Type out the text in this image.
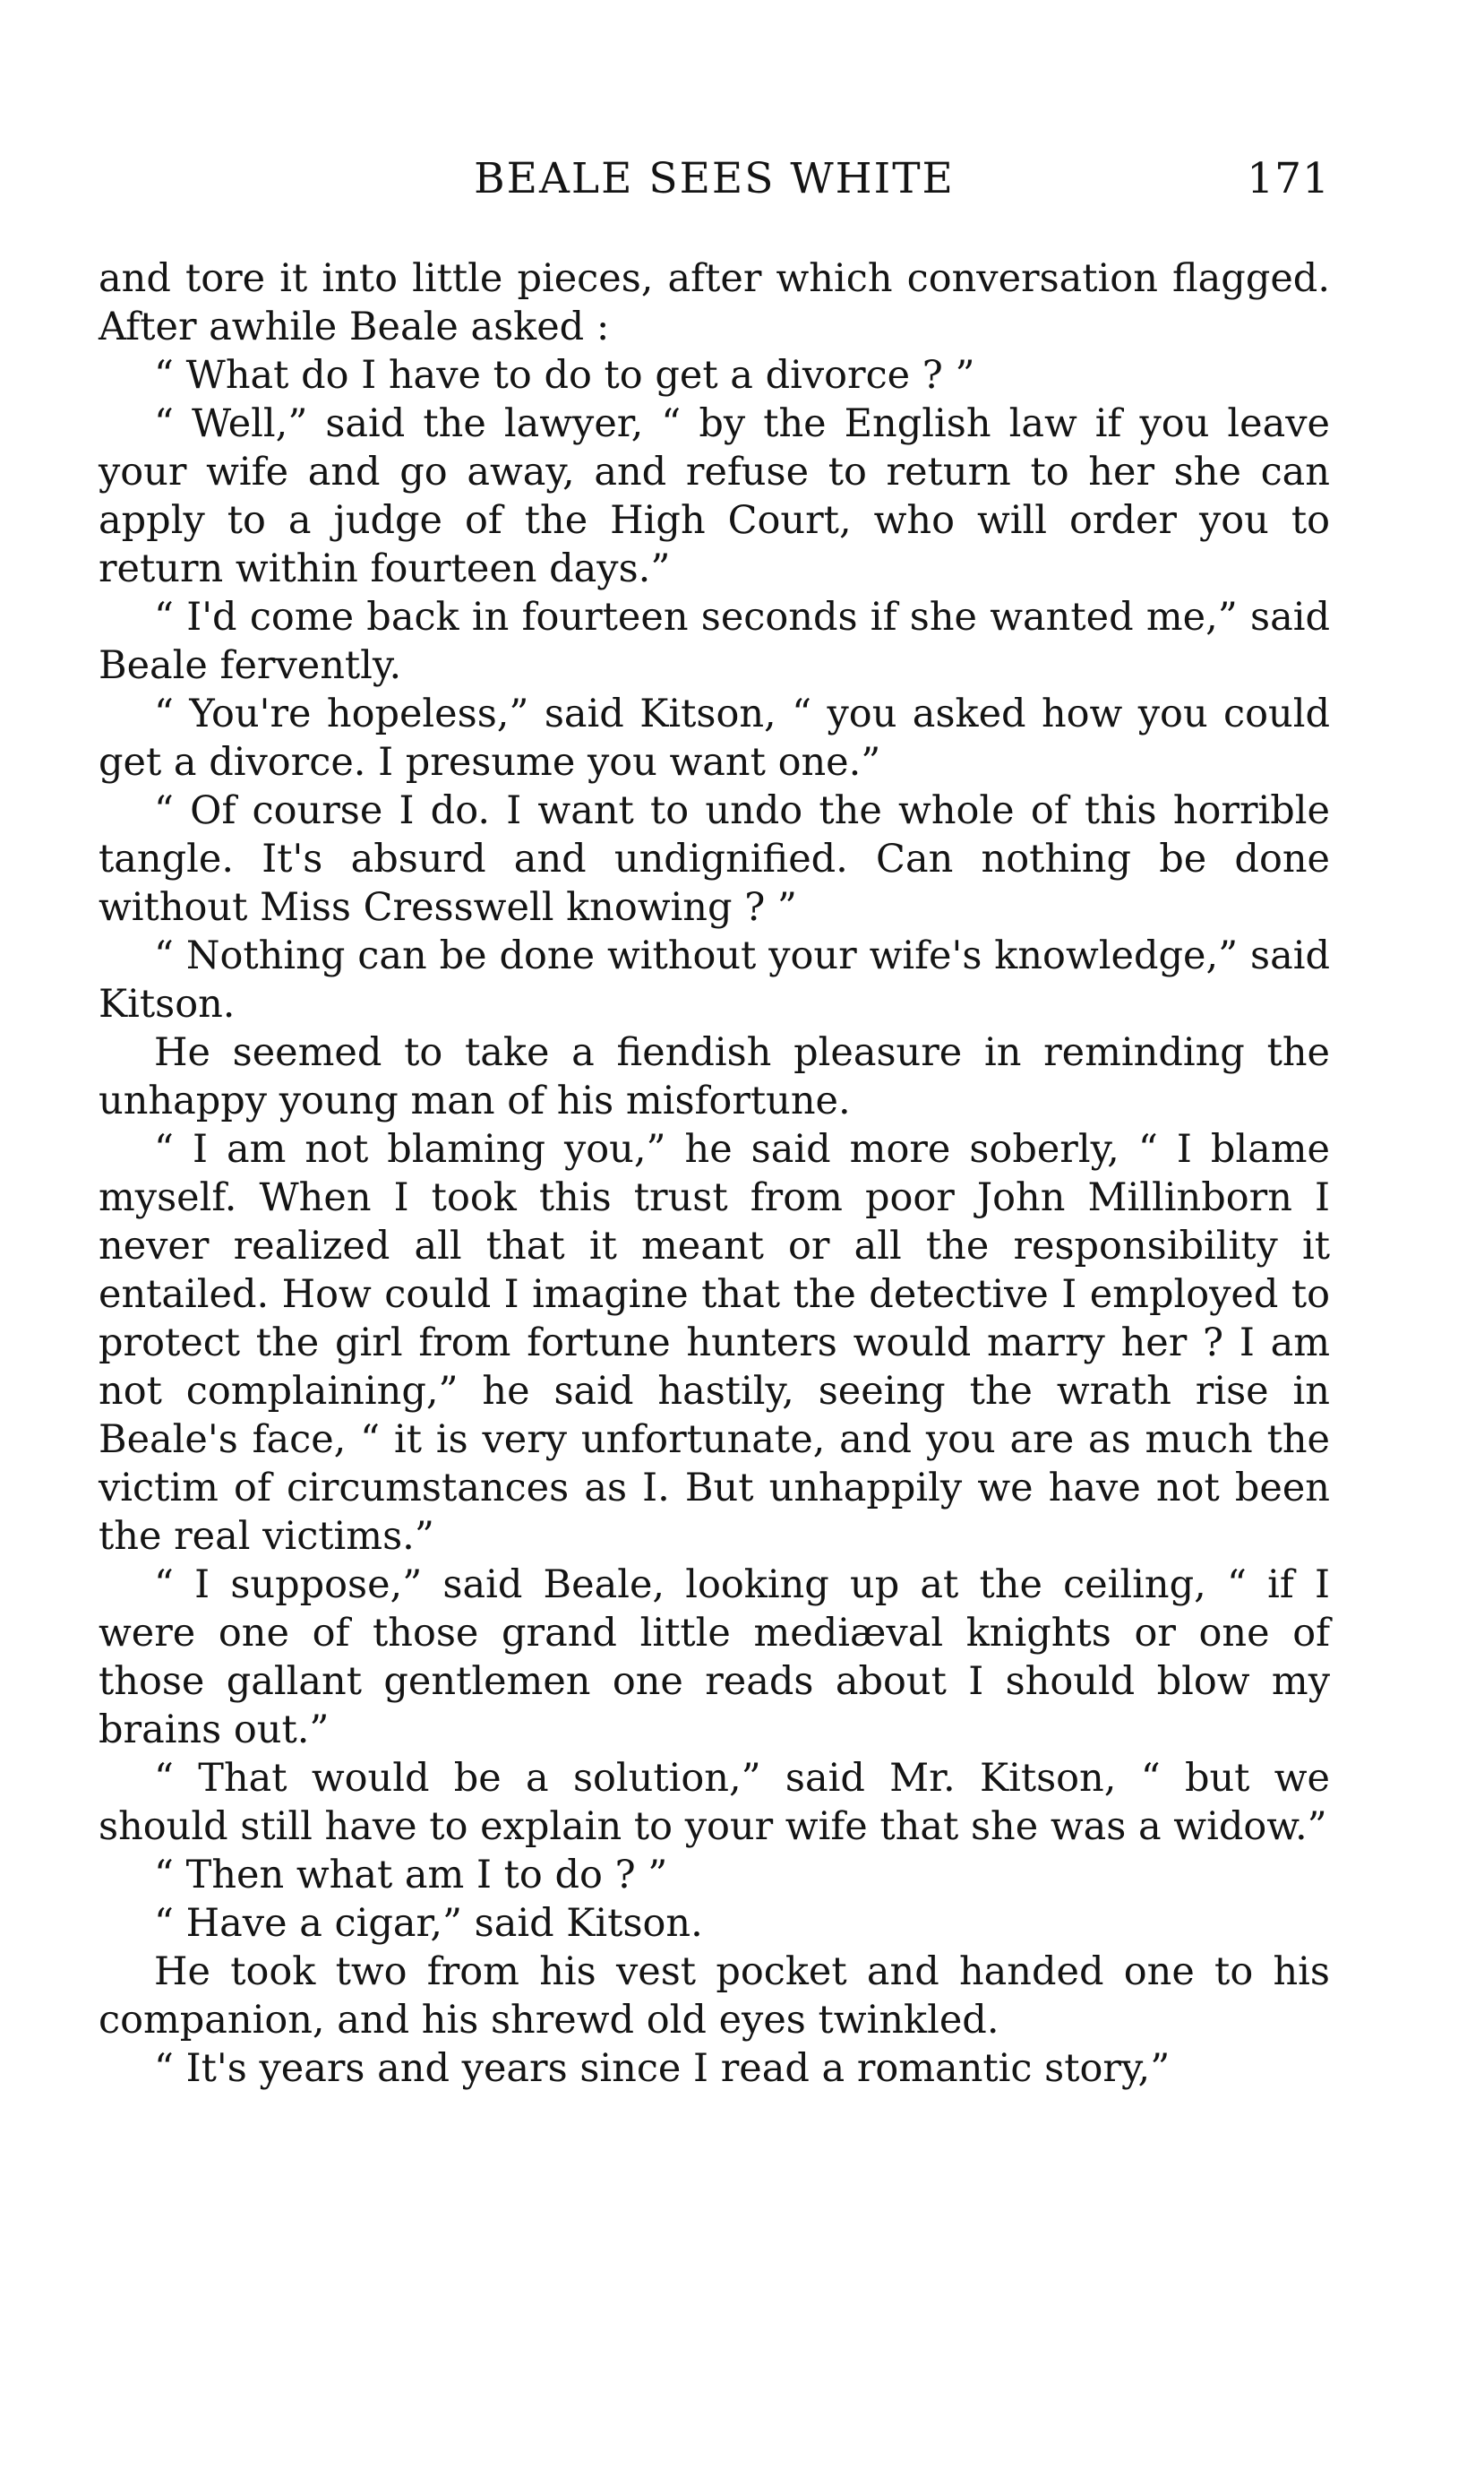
BEALE SEES WHITE	171

and tore it into little pieces, after which conversation flagged. After awhile Beale asked :

“ What do I have to do to get a divorce ? ”

“ Well,” said the lawyer, “ by the English law if you leave your wife and go away, and refuse to return to her she can apply to a judge of the High Court, who will order you to return within fourteen days.”

“ I'd come back in fourteen seconds if she wanted me,” said Beale fervently.

“ You're hopeless,” said Kitson, “ you asked how you could get a divorce. I presume you want one.”

“ Of course I do. I want to undo the whole of this horrible tangle. It's absurd and undignified. Can nothing be done without Miss Cresswell knowing ? ”

“ Nothing can be done without your wife's knowledge,” said Kitson.

He seemed to take a fiendish pleasure in reminding the unhappy young man of his misfortune.

“ I am not blaming you,” he said more soberly, “ I blame myself. When I took this trust from poor John Millinborn I never realized all that it meant or all the responsibility it entailed. How could I imagine that the detective I employed to protect the girl from fortune hunters would marry her ? I am not complaining,” he said hastily, seeing the wrath rise in Beale's face, “ it is very unfortunate, and you are as much the victim of circumstances as I. But unhappily we have not been the real victims.”

“ I suppose,” said Beale, looking up at the ceiling, “ if I were one of those grand little mediæval knights or one of those gallant gentlemen one reads about I should blow my brains out.”

“ That would be a solution,” said Mr. Kitson, “ but we should still have to explain to your wife that she was a widow.”

“ Then what am I to do ? ”

“ Have a cigar,” said Kitson.

He took two from his vest pocket and handed one to his companion, and his shrewd old eyes twinkled.

“ It's years and years since I read a romantic story,”
